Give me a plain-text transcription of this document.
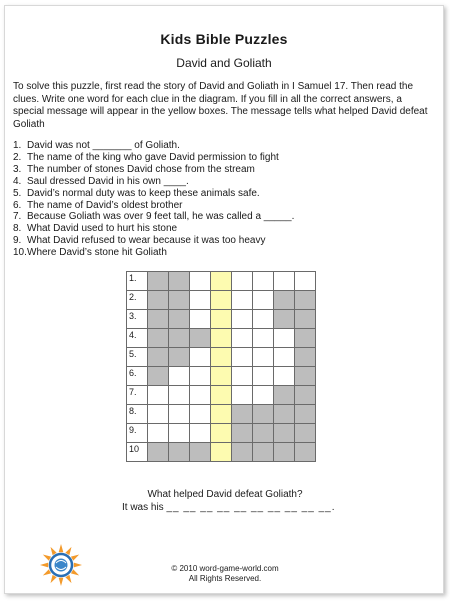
Kids Bible Puzzles
David and Goliath

To solve this puzzle, first read the story of David and Goliath in I Samuel 17. Then read the clues. Write one word for each clue in the diagram. If you fill in all the correct answers, a special message will appear in the yellow boxes. The message tells what helped David defeat Goliath

1. David was not _______ of Goliath.
2. The name of the king who gave David permission to fight
3. The number of stones David chose from the stream
4. Saul dressed David in his own ____.
5. David’s normal duty was to keep these animals safe.
6. The name of David’s oldest brother
7. Because Goliath was over 9 feet tall, he was called a _____.
8. What David used to hurt his stone
9. What David refused to wear because it was too heavy
10.Where David’s stone hit Goliath
1.								
2.								
3.								
4.								
5.								
6.								
7.								
8.								
9.								
10								
What helped David defeat Goliath?
It was his __ __ __ __ __ __ __ __ __ __.
© 2010 word-game-world.com
All Rights Reserved.
